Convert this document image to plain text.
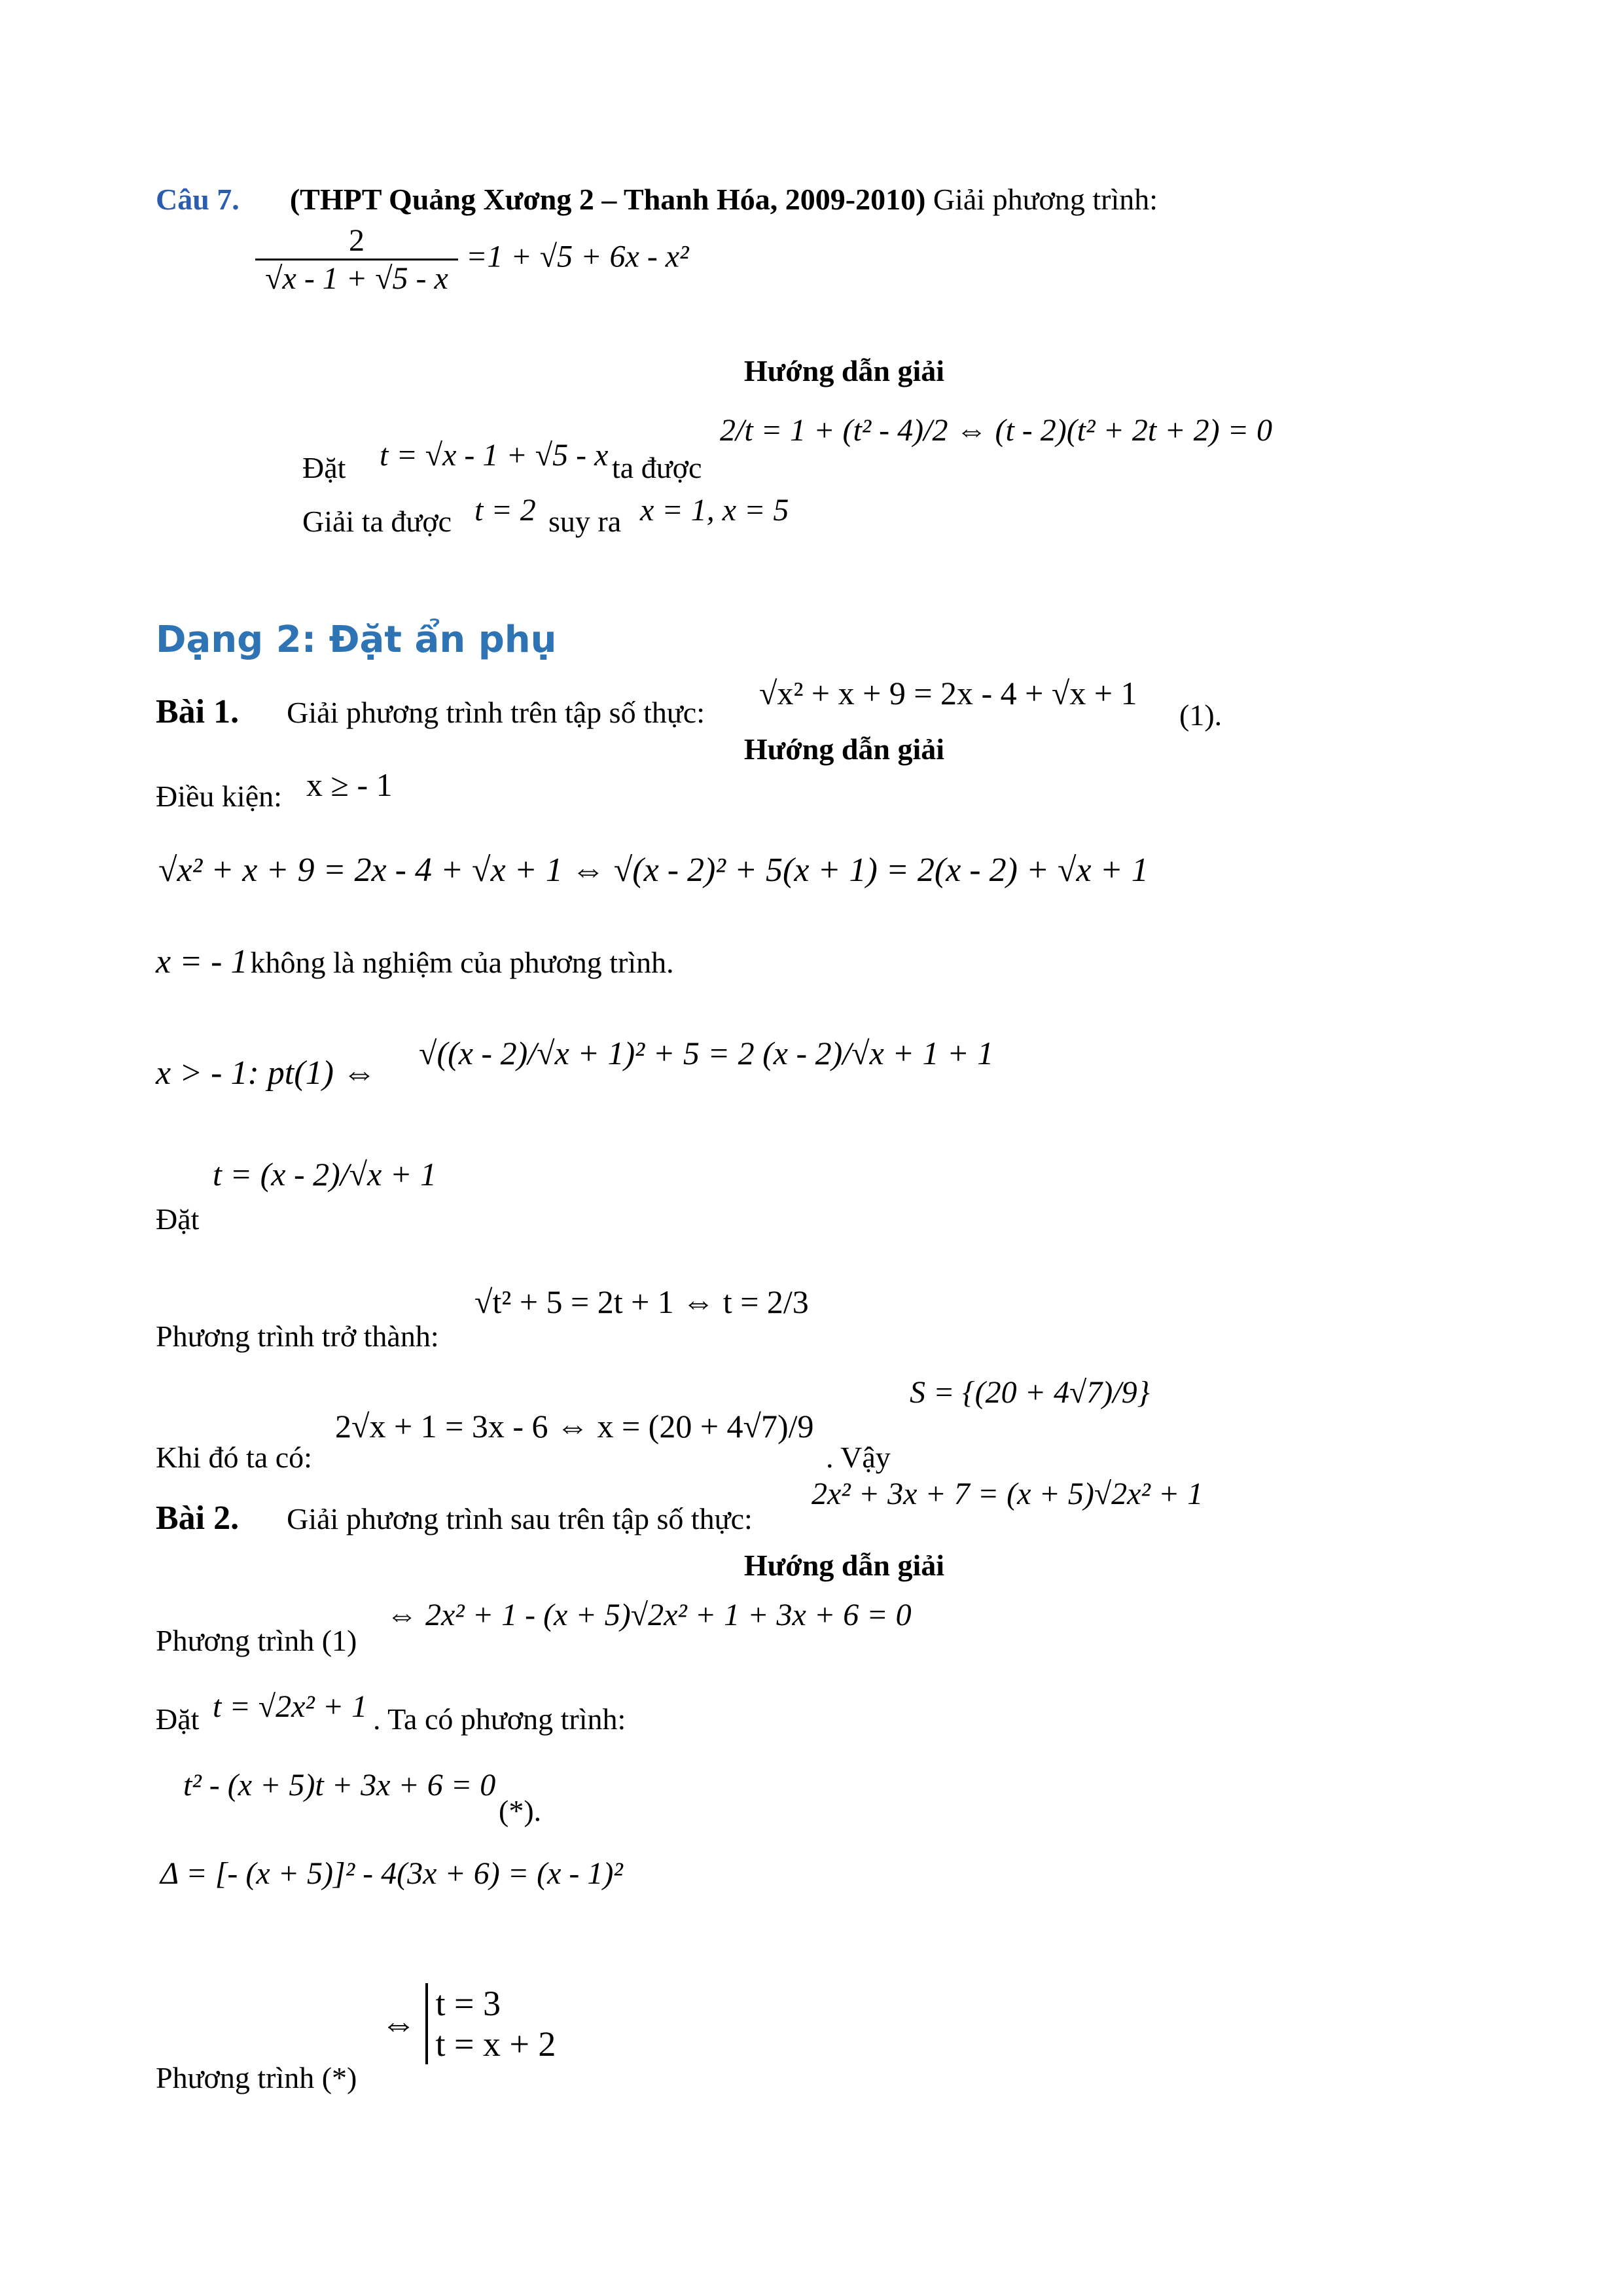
Câu 7. (THPT Quảng Xương 2 – Thanh Hóa, 2009-2010) Giải phương trình:
$\frac{2}{√x - 1 + √5 - x} =1 + √5 + 6x - x^2$
Hướng dẫn giải
Đặt t = √x - 1 + √5 - x ta được
2/t = 1 + (t² - 4)/2 ⇔ (t - 2)(t² + 2t + 2) = 0
Giải ta được t = 2 suy ra x = 1, x = 5
Dạng 2: Đặt ẩn phụ
Bài 1. Giải phương trình trên tập số thực:
√x² + x + 9 = 2x - 4 + √x + 1
(1).
Hướng dẫn giải
Điều kiện: x ≥ - 1
√x² + x + 9 = 2x - 4 + √x + 1 ⇔ √(x - 2)² + 5(x + 1) = 2(x - 2) + √x + 1
x = - 1 không là nghiệm của phương trình.
x > - 1: pt(1) ⇔
√((x - 2)/√x + 1)² + 5 = 2 (x - 2)/√x + 1 + 1
Đặt
t = (x - 2)/√x + 1
Phương trình trở thành:
√t² + 5 = 2t + 1 ⇔ t = 2/3
Khi đó ta có:
2√x + 1 = 3x - 6 ⇔ x = (20 + 4√7)/9
. Vậy
S = {(20 + 4√7)/9}
Bài 2. Giải phương trình sau trên tập số thực:
2x² + 3x + 7 = (x + 5)√2x² + 1
Hướng dẫn giải
Phương trình (1)
⇔ 2x² + 1 - (x + 5)√2x² + 1 + 3x + 6 = 0
Đặt t = √2x² + 1 . Ta có phương trình:
t² - (x + 5)t + 3x + 6 = 0
(*).
Δ = [- (x + 5)]² - 4(3x + 6) = (x - 1)²
Phương trình (*)
⇔
t = 3
t = x + 2
